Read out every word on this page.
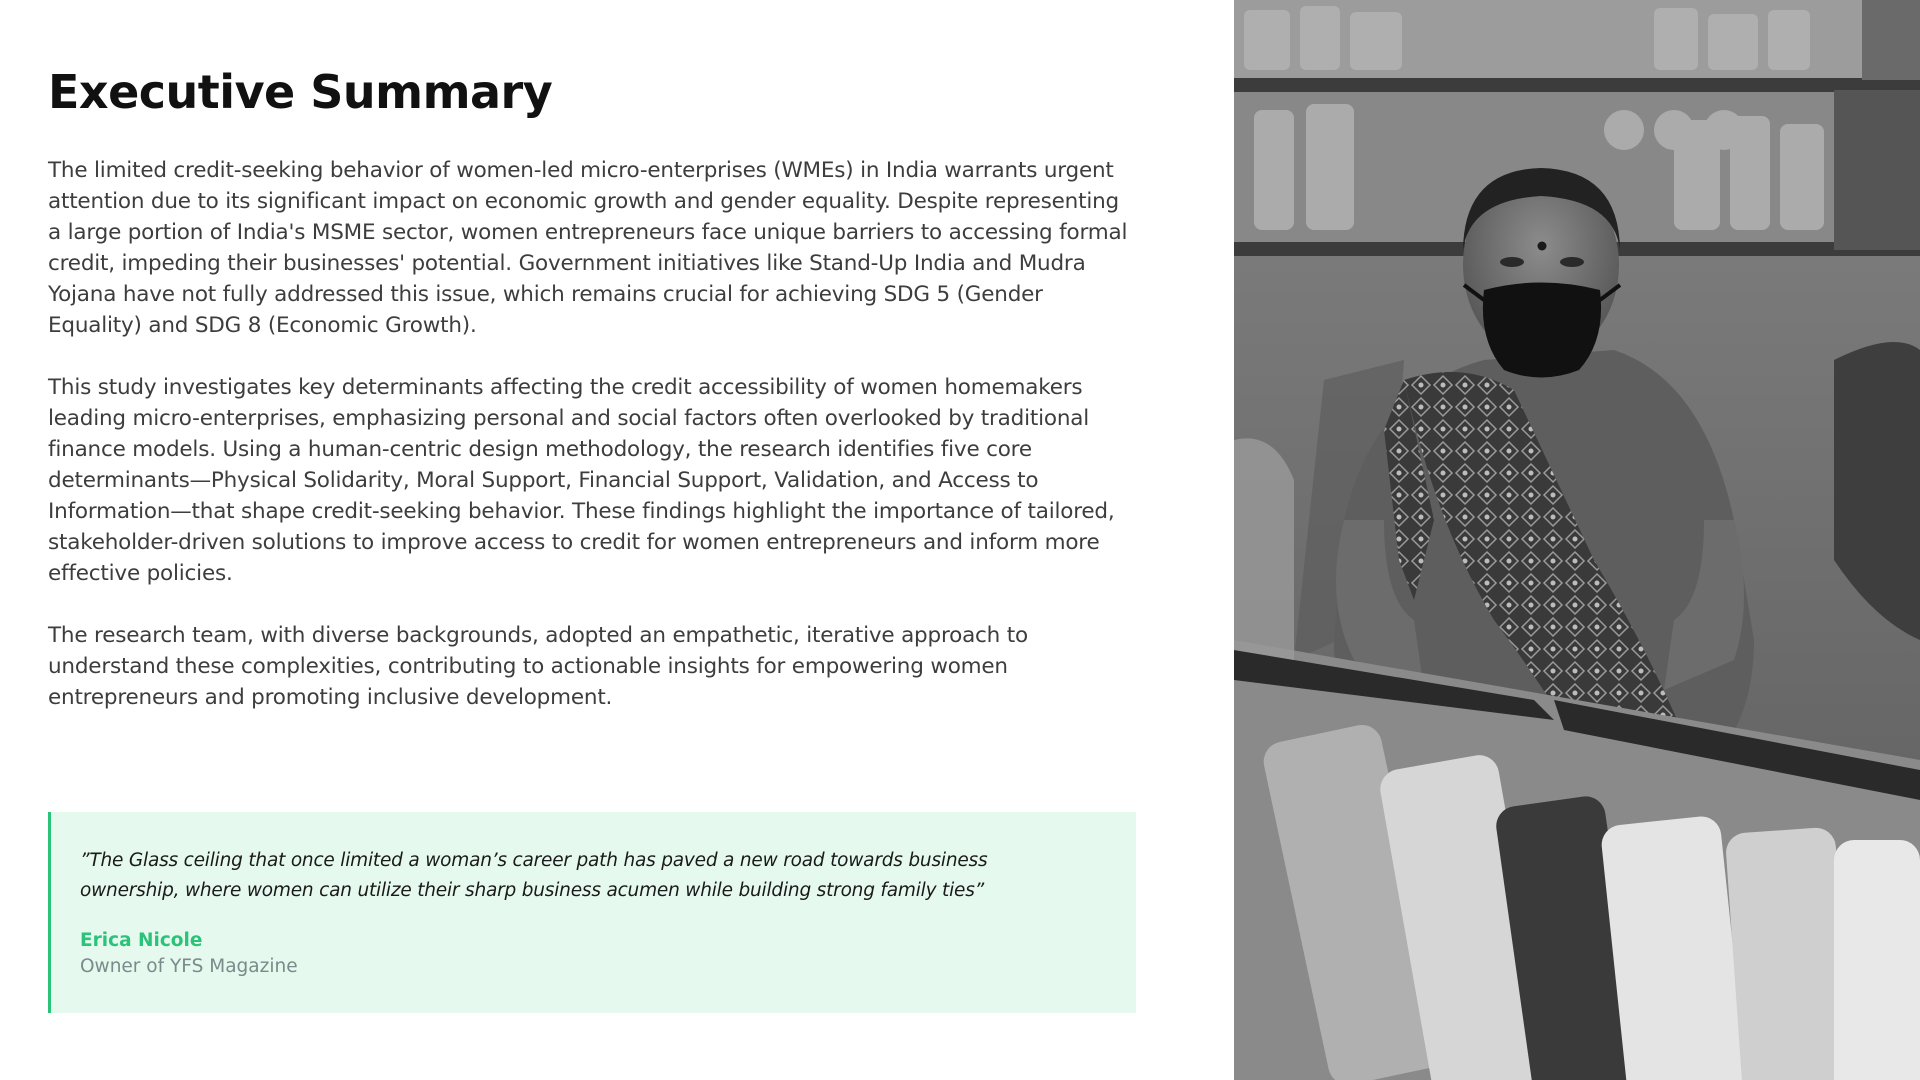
Executive Summary

The limited credit-seeking behavior of women-led micro-enterprises (WMEs) in India warrants urgent attention due to its significant impact on economic growth and gender equality. Despite representing a large portion of India's MSME sector, women entrepreneurs face unique barriers to accessing formal credit, impeding their businesses' potential. Government initiatives like Stand-Up India and Mudra Yojana have not fully addressed this issue, which remains crucial for achieving SDG 5 (Gender Equality) and SDG 8 (Economic Growth).

This study investigates key determinants affecting the credit accessibility of women homemakers leading micro-enterprises, emphasizing personal and social factors often overlooked by traditional finance models. Using a human-centric design methodology, the research identifies five core determinants—Physical Solidarity, Moral Support, Financial Support, Validation, and Access to Information—that shape credit-seeking behavior. These findings highlight the importance of tailored, stakeholder-driven solutions to improve access to credit for women entrepreneurs and inform more effective policies.

The research team, with diverse backgrounds, adopted an empathetic, iterative approach to understand these complexities, contributing to actionable insights for empowering women entrepreneurs and promoting inclusive development.

”The Glass ceiling that once limited a woman’s career path has paved a new road towards business ownership, where women can utilize their sharp business acumen while building strong family ties”

Erica Nicole

Owner of YFS Magazine
